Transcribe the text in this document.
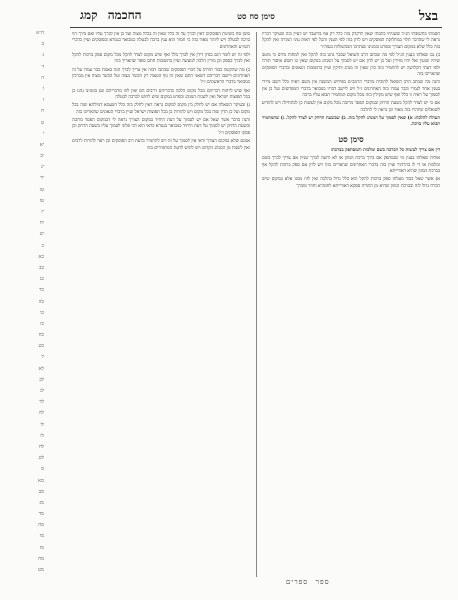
בצל
סימן סח סט
החכמה קמג

חסמתי בתשובתי הנ״ל ששגיתי כתבתי שאין לדקדק בזה כלל רק אף בדיעבד יש לעיין בזה ובעיקר דבריו נראה לי שהדבר תלוי במחלוקת הפוסקים ויש לדון בזה לפי הענין והכל לפי ראות עיני המורה ואין להקל בזה כלל שלא במקום הצורך ובפרט בזמנינו שנתרבו המכשולות בעוה״ר

ב) גם שאלתו בענין הנ״ל לפי מה שכתב הרב השואל שכבר נהגו בזה להקל ואין למחות בידם כי מוטב שיהיו שוגגין ואל יהיו מזידין ועל כן יש לדון אם יש לסמוך על המנהג במקום שאין בו חשש איסור תורה ולפי דעתי הקלושה יש להחמיר בזה כיון שאין זה מנהג ותיקין ועיין בתשובות הגאונים ובדברי הפוסקים שהאריכו בזה

והנה מה שכתב הרב השואל להוכיח מדברי הרמב״ם בפירוש המשנה אין משם ראיה כלל דשם מיירי בענין אחר לגמרי וכבר עמדו בזה האחרונים ז״ל ויש ליישב דבריו כמבואר בדברי המפרשים ועל כן אין לסמוך על ראיה זו כלל ואף שיש מקילין בזה מכל מקום המחמיר תבוא עליו ברכה

אם כי יש לצדד להקל בשעת הדחק ובמקום הפסד מרובה מכל מקום אין לעשות כן לכתחילה ויש להודיע לשואלים שיזהרו בזה מאוד וכן נראה לי להלכה

העולה להלכה: א) שאין לסמוך על המנהג להקל בזה. ב) שבשעת הדחק יש לצדד להקל. ג) שהמחמיר תבוא עליו ברכה.

סימן סט

דין אם צריך לעשות כל הברכה בשם ומלכות והמסתפק בברכתו

אודות שאלתו בענין מי שנסתפק אם בירך ברכת המזון או לא ורוצה לברך שנית אם צריך לברך בשם ומלכות או די לו בהרהור ועיין בזה בדברי האחרונים שהאריכו בזה ויש לדון אם ספק ברכות להקל אף בברכת המזון שהיא דאורייתא

א) אשר שאל כבוד מעלתו ספק ברכות להקל הוא כלל גדול בהלכה ואין לזוז ממנו אלא במקום שיש הכרח גדול לזה ובברכת המזון שהיא מן התורה ספקא דאורייתא לחומרא וחוזר ומברך

סימן סח כשיטת הפוסקים דאין לברך על זה כלל שאין זה בכלל מצוה ועל כן אין לברך עליו ואם בירך הוי ברכה לבטלה ויש ליזהר מאוד בזה כי חמור הוא ענין ברכה לבטלה כמבואר בגמרא ובפוסקים ועיין בדברי השו״ע והאחרונים

ולפי זה יש לומר דגם בנדון דידן אין לברך כלל ואף שיש מקום לצדד להקל מכל מקום ספק ברכות להקל ואין לברך בספק וכן מורין הלכה למעשה ועיין בתשובות חתם סופר שהאריך בזה

ב) מה שהקשה כבוד תורתו על דברי הפוסקים שכתבו דבזה אין צריך לברך הנה באמת כבר עמדו על זה האחרונים ויישבו דבריהם דשאני התם שאין זה גוף המצוה רק הכשר מצוה ועל הכשר מצוה אין מברכין כמבואר בדברי הראשונים ז״ל

ואף שיש לדחות דבריהם מכל מקום הלכה כדבריהם דרבים הם ואין לזוז מדבריהם וגם בזמנינו נהגו כן בכל תפוצות ישראל ואין לשנות המנהג ובפרט במקום שיש לחוש לברכה לבטלה

ג) ובעיקר השאלה אם יש לחלק בין מקום למקום נראה דאין לחלק בזה כלל דטעמא דמילתא שוה בכל מקום ועל כן הדין שוה בכל מקום ויש להורות כן בכל תפוצות ישראל ועיין בדברי הגאונים שהאריכו בזה

והנה בדבר אשר שאל אם יש לסמוך על דעת היחיד במקום הצורך נראה לי דבמקום הפסד מרובה ובשעת הדחק יש לסמוך על דעת היחיד כמבואר בגמרא כדאי הוא רבי פלוני לסמוך עליו בשעת הדחק וכן פסקו הפוסקים ז״ל

אמנם שלא במקום הצורך ודאי אין לסמוך על זה ויש להחמיר כדעת רוב הפוסקים וכן ראוי להורות לרבים ואין לשנות מן המנהג הקדום ויש לחוש לדעת המחמירים בזה

ה״א
ב
ג
ד
ה
ו
ז
ח
ט
י
יא
יב
יג
יד
טו
טז
יז
יח
יט
כ
כא
כב
כג
כד
כה
כו
כז
כח
כט
ל
לא
לב
לג
לד
לה
לו
לז
לח
לט
מ
מא
מב
מג
מד
מה
מו
מז
מח
מט
ספר ספרים
